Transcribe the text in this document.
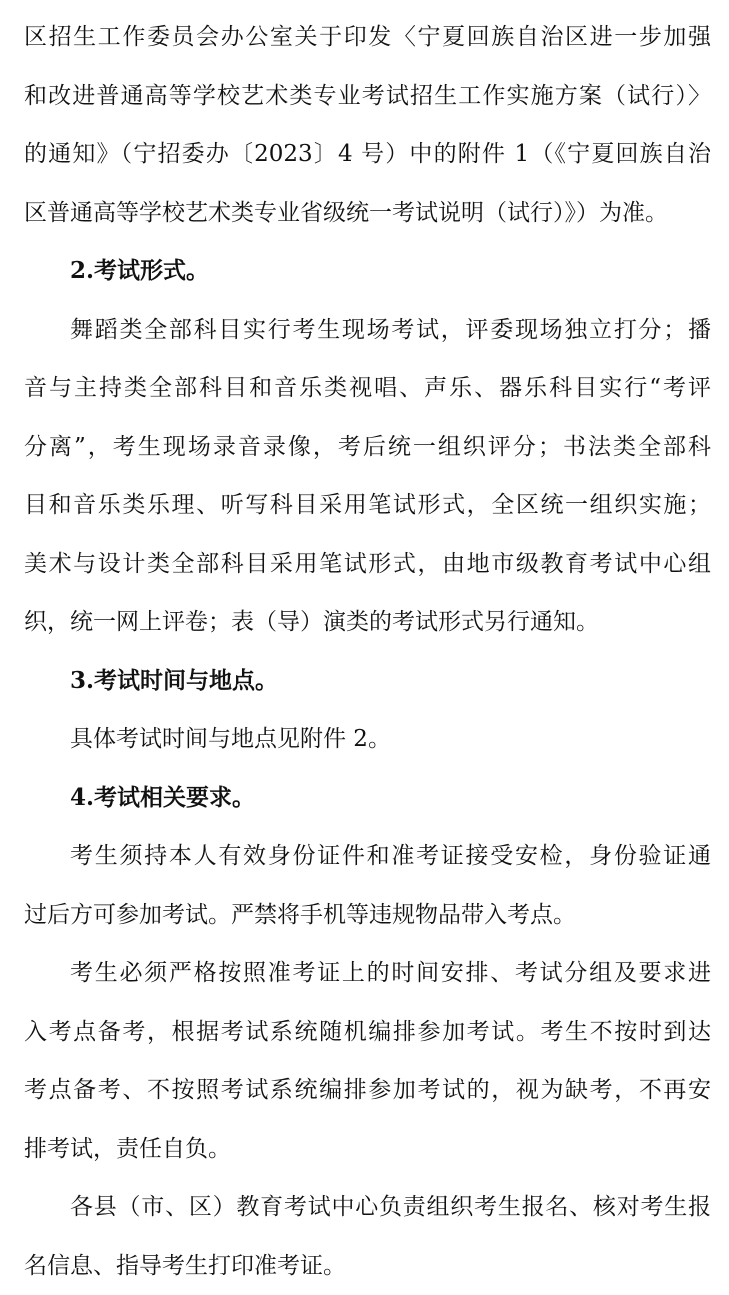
区招生工作委员会办公室关于印发〈宁夏回族自治区进一步加强
和改进普通高等学校艺术类专业考试招生工作实施方案（试行）〉
的通知》（宁招委办〔2023〕4 号）中的附件 1（《宁夏回族自治
区普通高等学校艺术类专业省级统一考试说明（试行）》）为准。
2.考试形式。
舞蹈类全部科目实行考生现场考试，评委现场独立打分；播
音与主持类全部科目和音乐类视唱、声乐、器乐科目实行“考评
分离”，考生现场录音录像，考后统一组织评分；书法类全部科
目和音乐类乐理、听写科目采用笔试形式，全区统一组织实施；
美术与设计类全部科目采用笔试形式，由地市级教育考试中心组
织，统一网上评卷；表（导）演类的考试形式另行通知。
3.考试时间与地点。
具体考试时间与地点见附件 2。
4.考试相关要求。
考生须持本人有效身份证件和准考证接受安检，身份验证通
过后方可参加考试。严禁将手机等违规物品带入考点。
考生必须严格按照准考证上的时间安排、考试分组及要求进
入考点备考，根据考试系统随机编排参加考试。考生不按时到达
考点备考、不按照考试系统编排参加考试的，视为缺考，不再安
排考试，责任自负。
各县（市、区）教育考试中心负责组织考生报名、核对考生报
名信息、指导考生打印准考证。
